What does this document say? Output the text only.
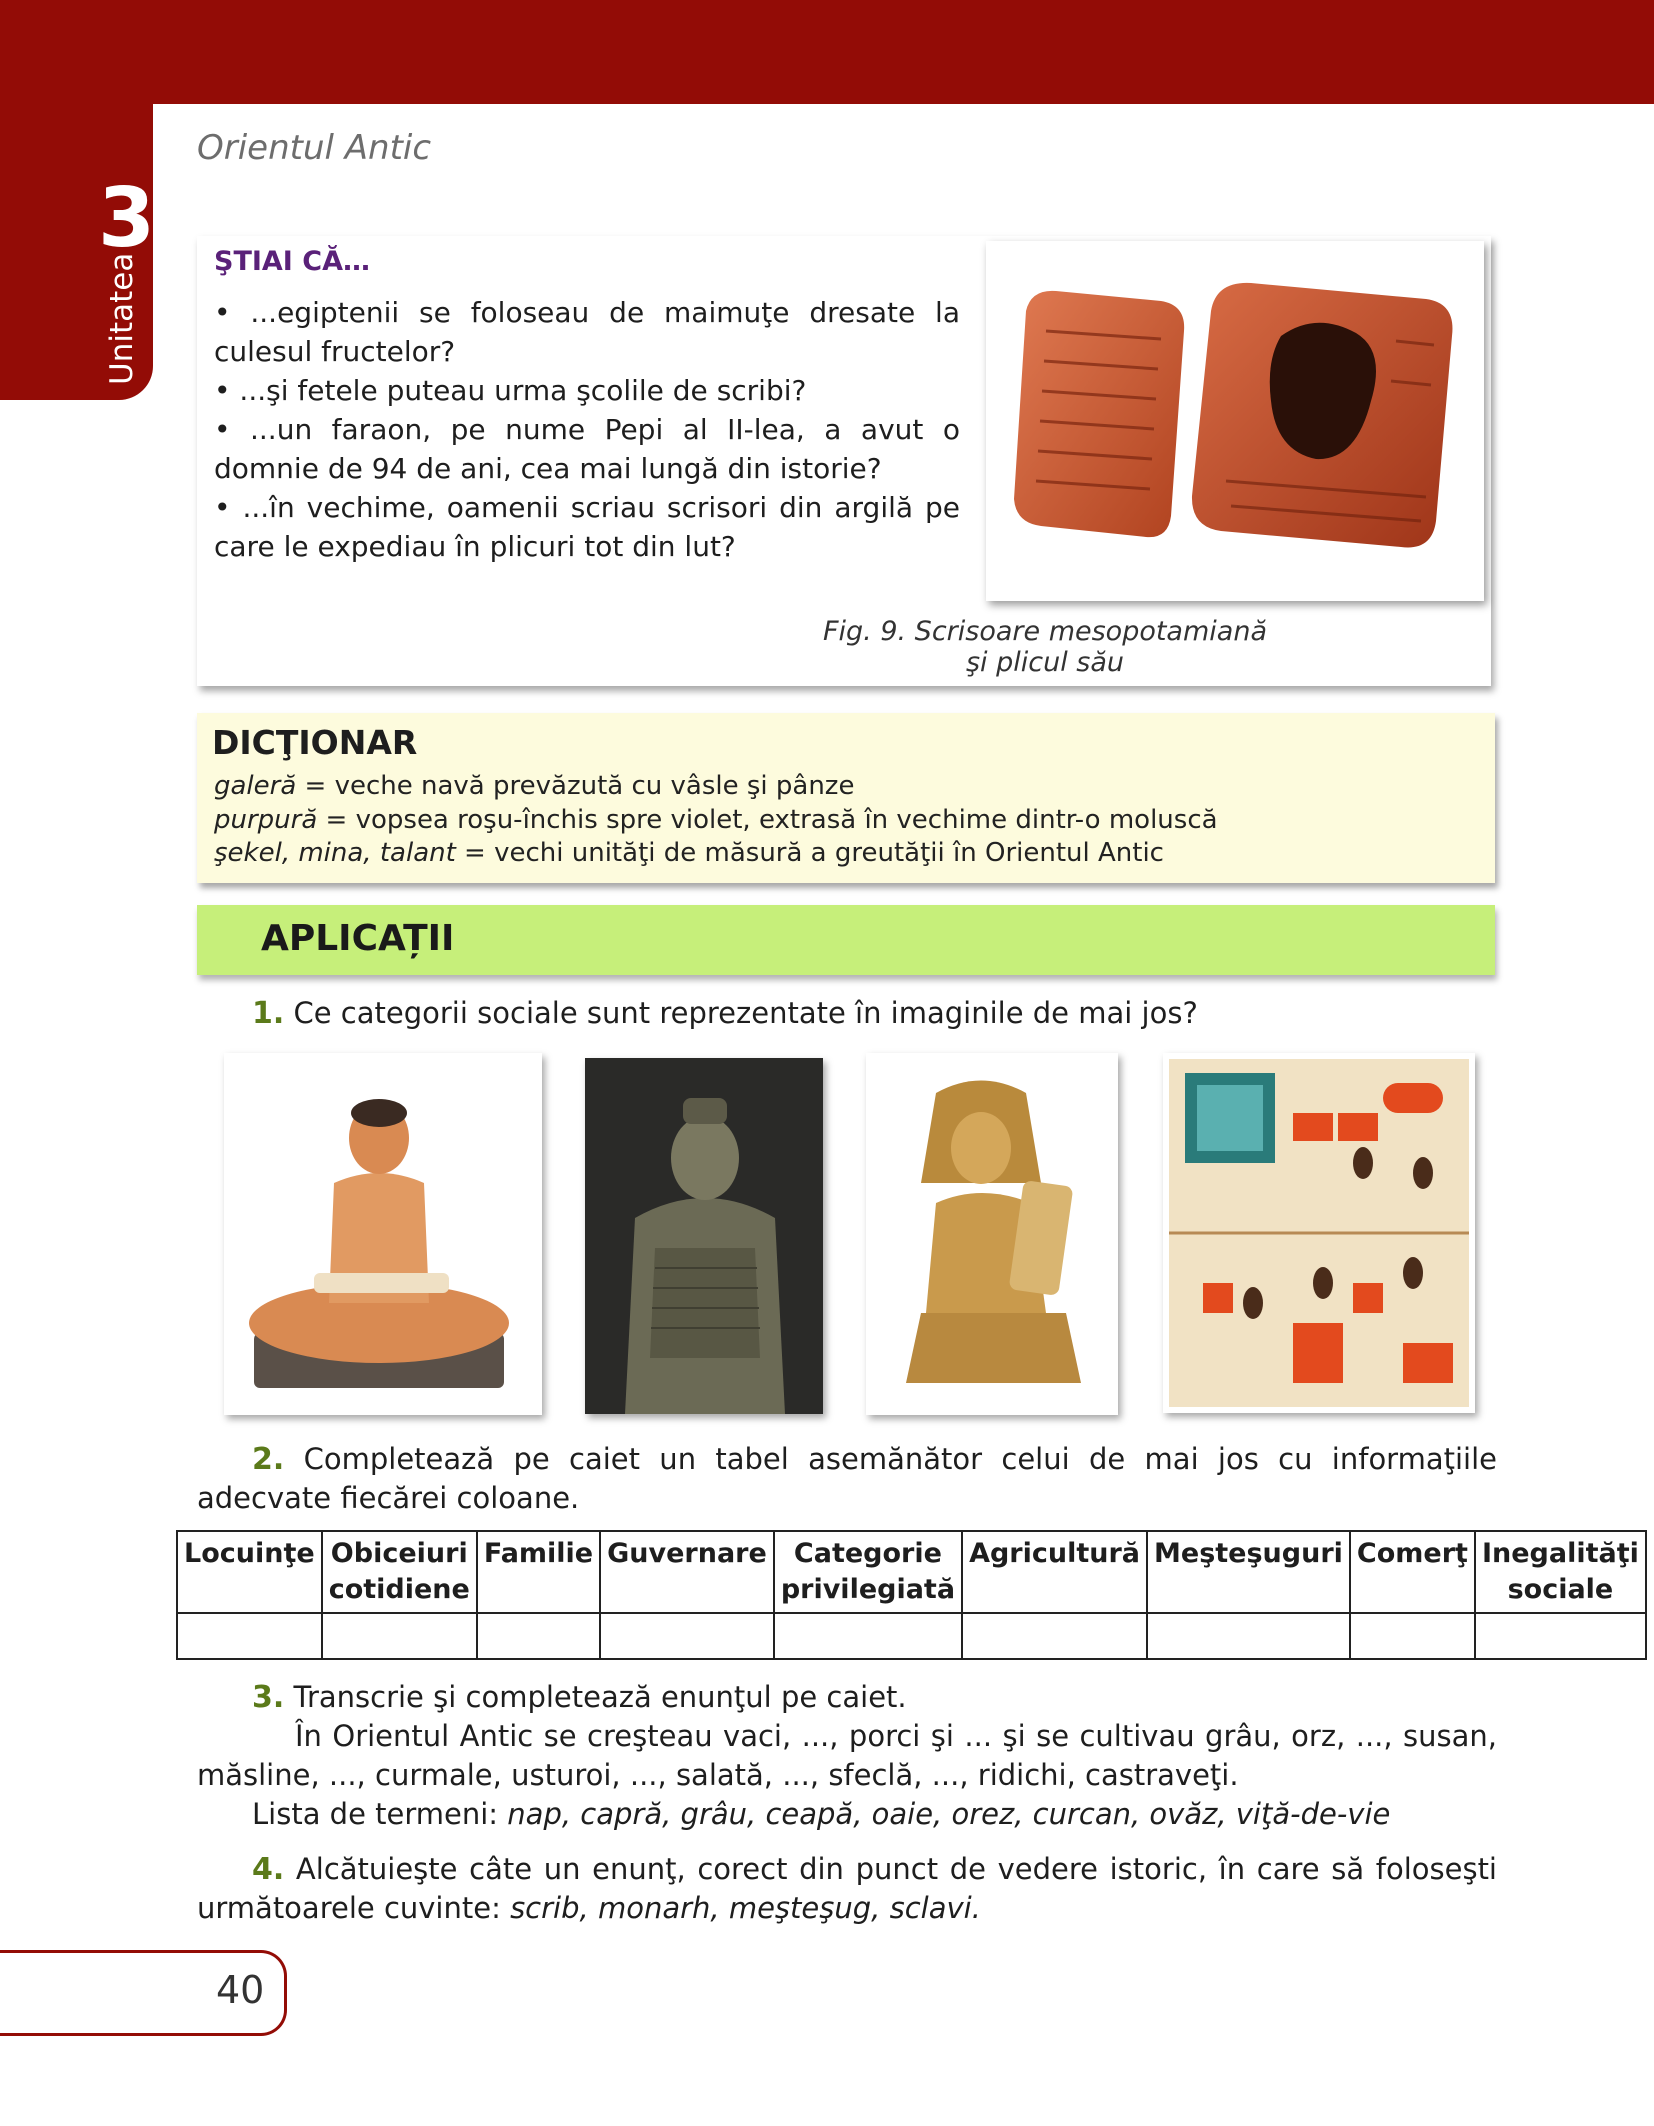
3
Unitatea
Orientul Antic
ŞTIAI CĂ…
• ...egiptenii se foloseau de maimuţe dresate la culesul fructelor?
• ...şi fetele puteau urma şcolile de scribi?
• ...un faraon, pe nume Pepi al II-lea, a avut o domnie de 94 de ani, cea mai lungă din istorie?
• ...în vechime, oamenii scriau scrisori din argilă pe care le expediau în plicuri tot din lut?
Fig. 9. Scrisoare mesopotamiană
şi plicul său
DICŢIONAR
galeră = veche navă prevăzută cu vâsle şi pânze
purpură = vopsea roşu-închis spre violet, extrasă în vechime dintr-o moluscă
şekel, mina, talant = vechi unităţi de măsură a greutăţii în Orientul Antic
APLICAȚII
1. Ce categorii sociale sunt reprezentate în imaginile de mai jos?
2. Completează pe caiet un tabel asemănător celui de mai jos cu informaţiile adecvate fiecărei coloane.
Locuinţe	Obiceiuri cotidiene	Familie	Guvernare	Categorie privilegiată	Agricultură	Meşteşuguri	Comerţ	Inegalităţi sociale

3. Transcrie şi completează enunţul pe caiet.
În Orientul Antic se creşteau vaci, ..., porci şi ... şi se cultivau grâu, orz, ..., susan, măsline, ..., curmale, usturoi, ..., salată, ..., sfeclă, ..., ridichi, castraveţi.
Lista de termeni: nap, capră, grâu, ceapă, oaie, orez, curcan, ovăz, viţă-de-vie
4. Alcătuieşte câte un enunţ, corect din punct de vedere istoric, în care să foloseşti următoarele cuvinte: scrib, monarh, meşteşug, sclavi.
40
